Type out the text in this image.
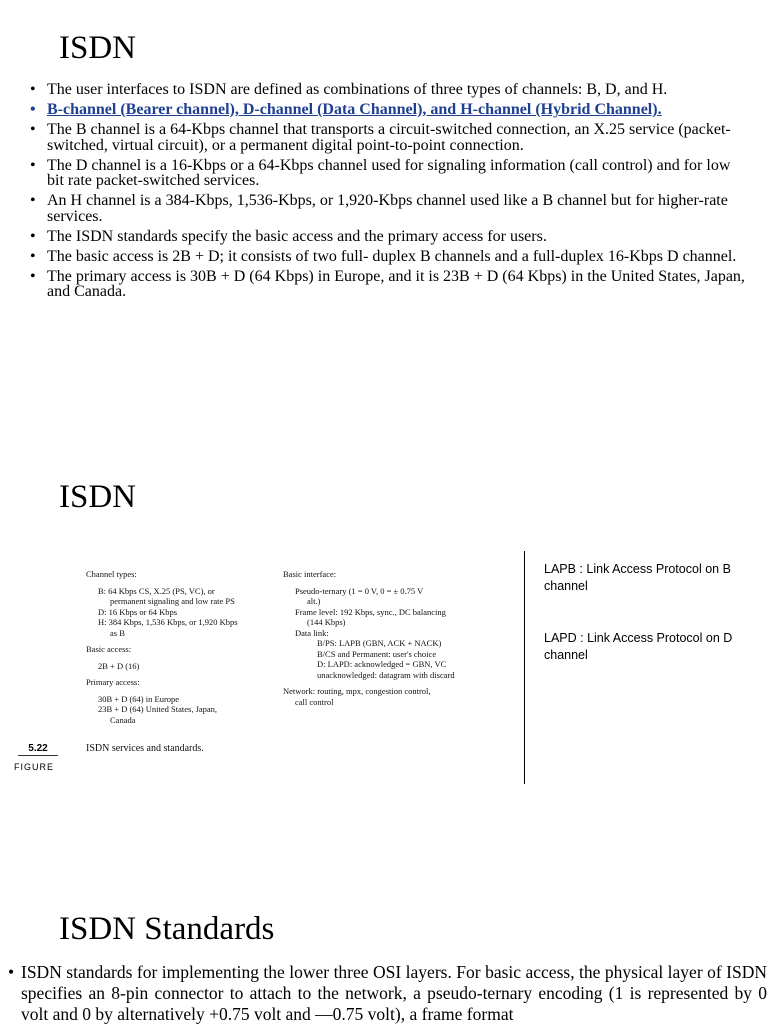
ISDN
• The user interfaces to ISDN are defined as combinations of three types of channels: B, D, and H.
• B-channel (Bearer channel), D-channel (Data Channel), and H-channel (Hybrid Channel).
• The B channel is a 64-Kbps channel that transports a circuit-switched connection, an X.25 service (packet- switched, virtual circuit), or a permanent digital point-to-point connection.
• The D channel is a 16-Kbps or a 64-Kbps channel used for signaling information (call control) and for low bit rate packet-switched services.
• An H channel is a 384-Kbps, 1,536-Kbps, or 1,920-Kbps channel used like a B channel but for higher-rate services.
• The ISDN standards specify the basic access and the primary access for users.
• The basic access is 2B + D; it consists of two full- duplex B channels and a full-duplex 16-Kbps D channel.
• The primary access is 30B + D (64 Kbps) in Europe, and it is 23B + D (64 Kbps) in the United States, Japan, and Canada.
ISDN
Channel types:
B: 64 Kbps CS, X.25 (PS, VC), or
permanent signaling and low rate PS
D: 16 Kbps or 64 Kbps
H: 384 Kbps, 1,536 Kbps, or 1,920 Kbps
as B
Basic access:
2B + D (16)
Primary access:
30B + D (64) in Europe
23B + D (64) United States, Japan,
Canada
Basic interface:
Pseudo-ternary (1 = 0 V, 0 = ± 0.75 V
alt.)
Frame level: 192 Kbps, sync., DC balancing
(144 Kbps)
Data link:
B/PS: LAPB (GBN, ACK + NACK)
B/CS and Permanent: user's choice
D: LAPD: acknowledged = GBN, VC
unacknowledged: datagram with discard
Network: routing, mpx, congestion control,
call control
5.22
FIGURE
ISDN services and standards.
LAPB : Link Access Protocol on B channel
LAPD : Link Access Protocol on D channel
ISDN Standards
• ISDN standards for implementing the lower three OSI layers. For basic access, the physical layer of ISDN specifies an 8-pin connector to attach to the network, a pseudo-ternary encoding (1 is represented by 0 volt and 0 by alternatively +0.75 volt and —0.75 volt), a frame format
